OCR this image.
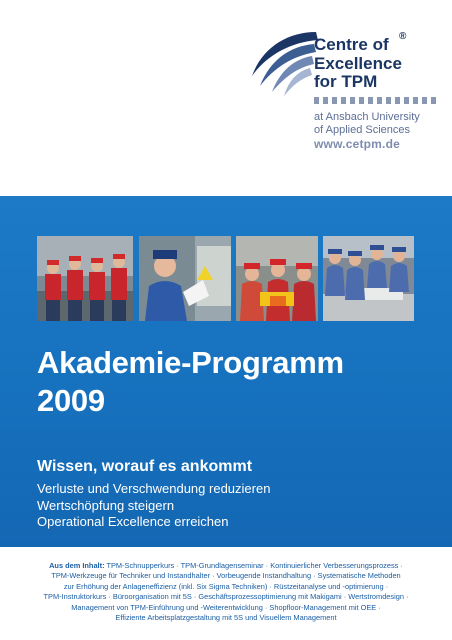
Centre of
Excellence
for TPM
®
at Ansbach University
of Applied Sciences
www.cetpm.de
Akademie-Programm
2009
Wissen, worauf es ankommt
Verluste und Verschwendung reduzieren
Wertschöpfung steigern
Operational Excellence erreichen
Aus dem Inhalt: TPM-Schnupperkurs · TPM-Grundlagenseminar · Kontinuierlicher Verbesserungsprozess ·
TPM-Werkzeuge für Techniker und Instandhalter · Vorbeugende Instandhaltung · Systematische Methoden
zur Erhöhung der Anlageneffizienz (inkl. Six Sigma Techniken) · Rüstzeitanalyse und -optimierung ·
TPM-Instruktorkurs · Büroorganisation mit 5S · Geschäftsprozessoptimierung mit Makigami · Wertstromdesign ·
Management von TPM-Einführung und -Weiterentwicklung · Shopfloor-Management mit OEE ·
Effiziente Arbeitsplatzgestaltung mit 5S und Visuellem Management
